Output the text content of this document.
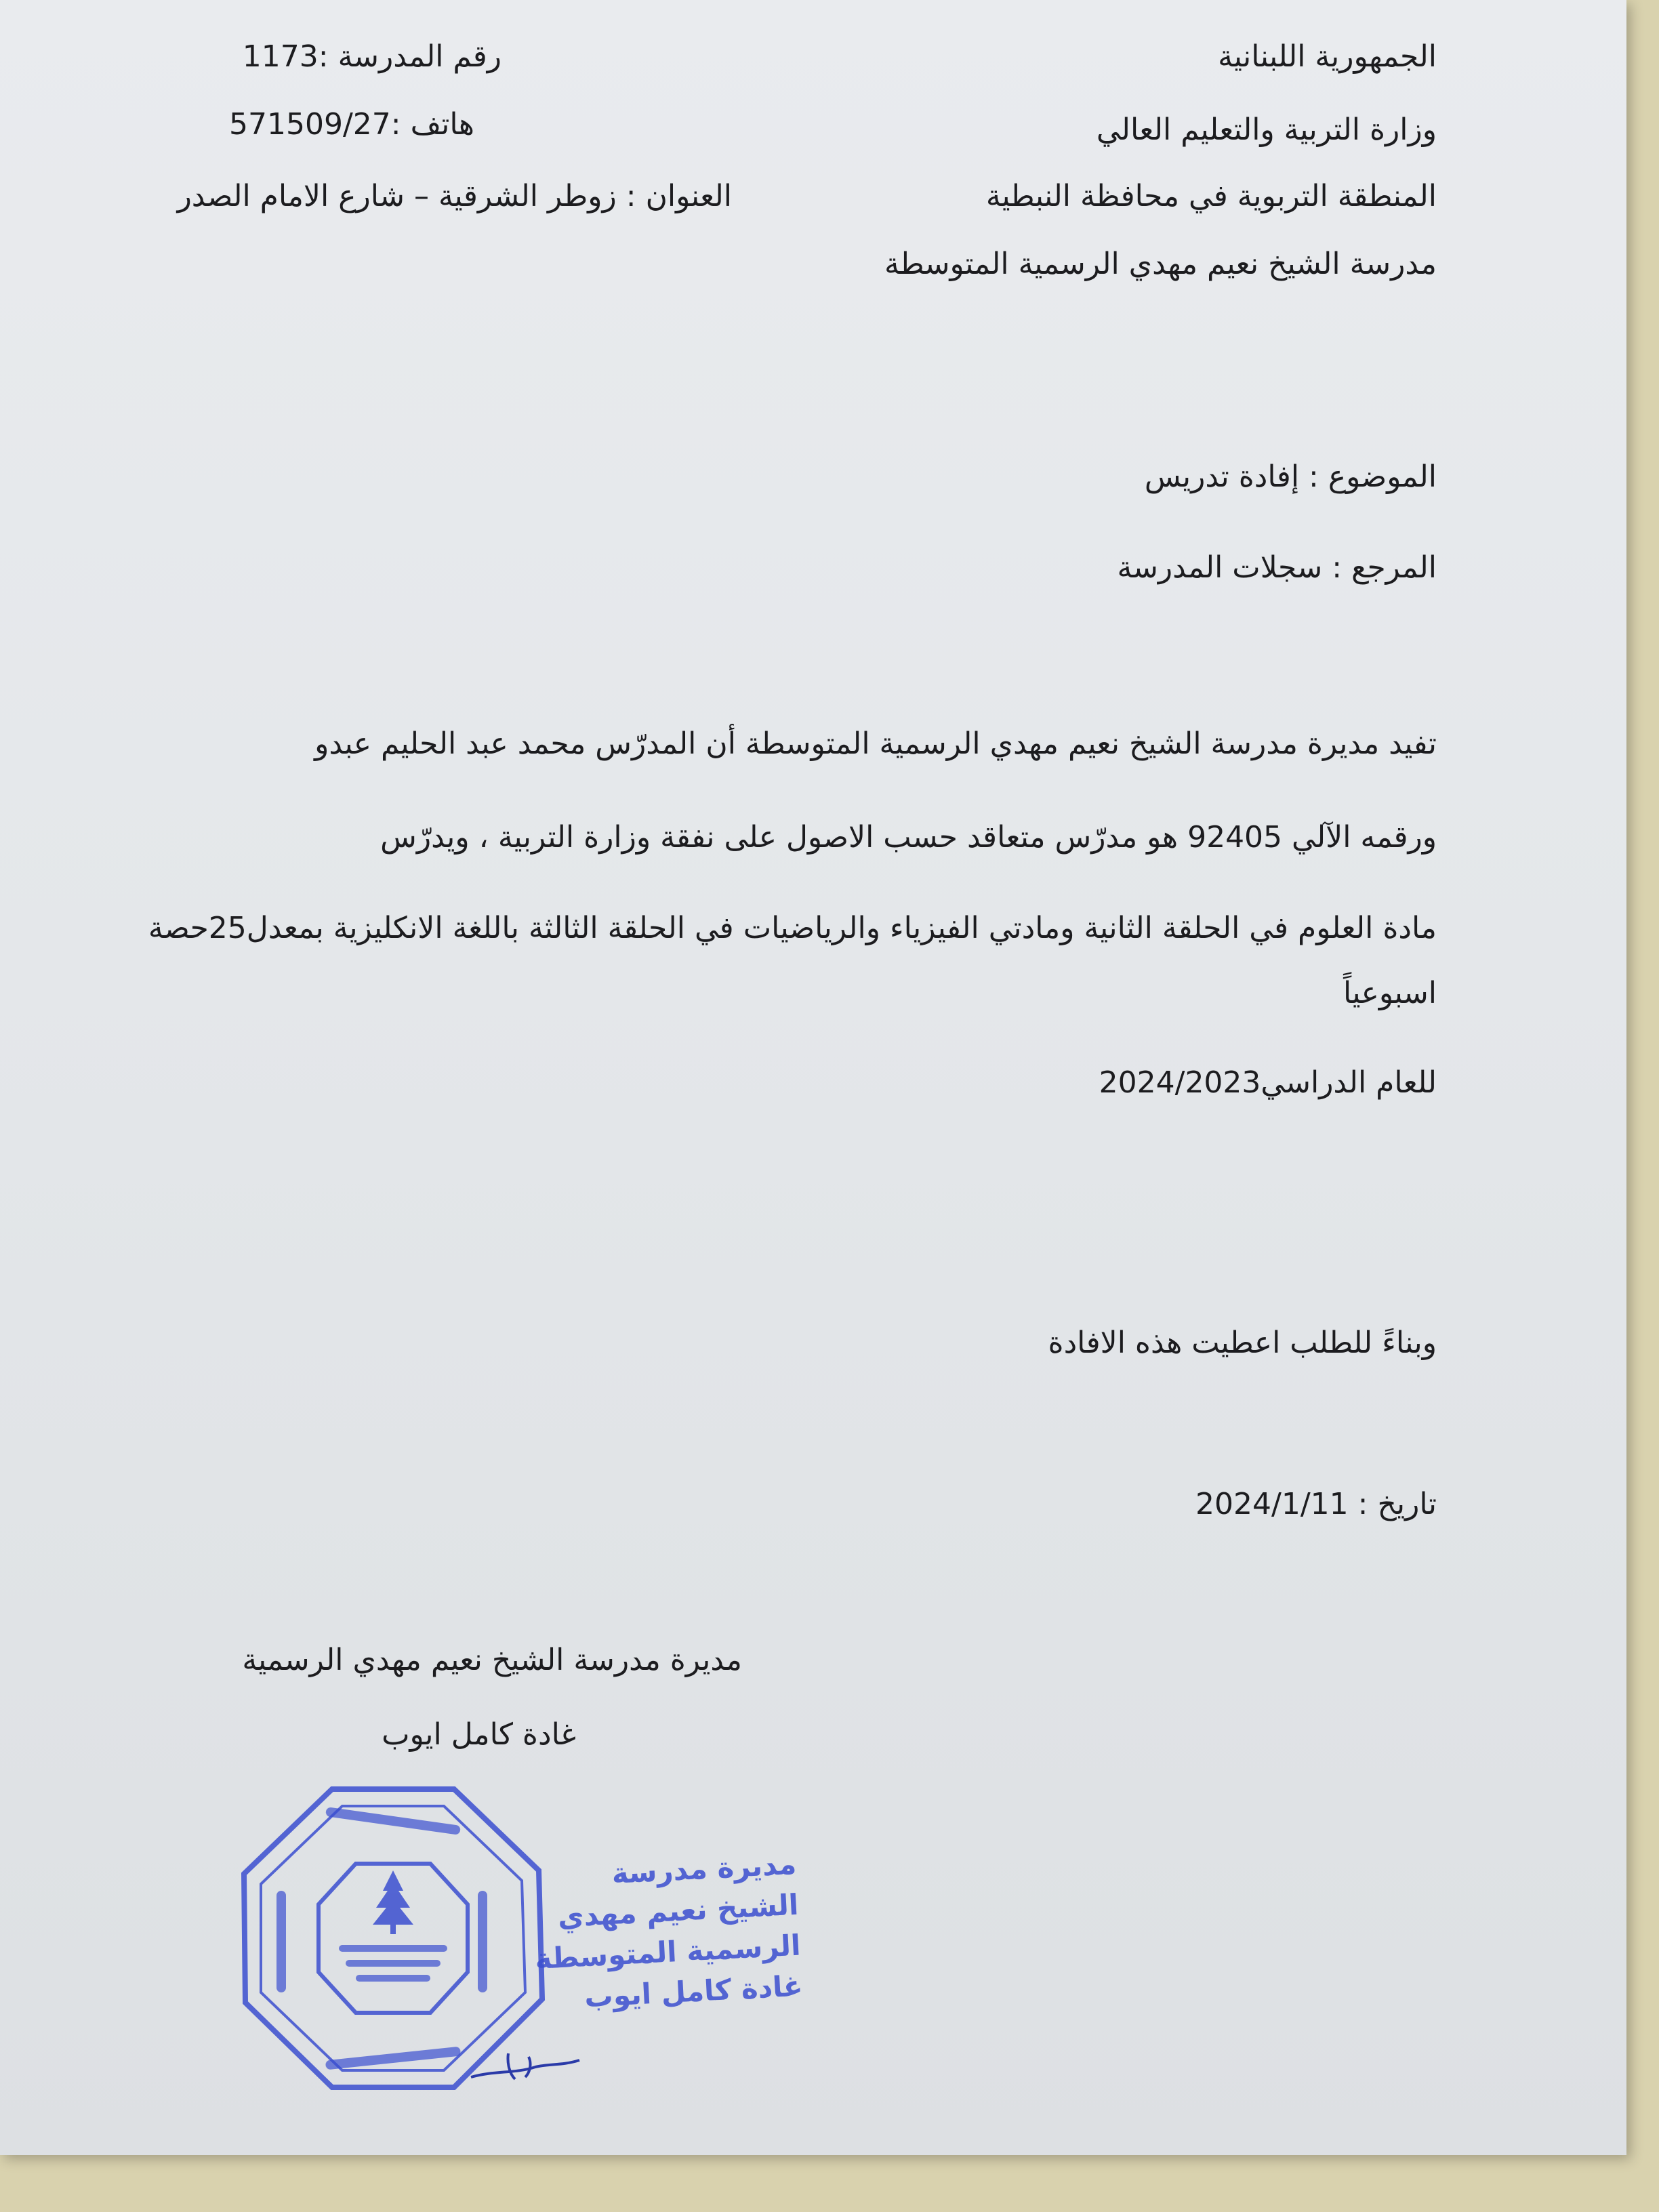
الجمهورية اللبنانية
وزارة التربية والتعليم العالي
المنطقة التربوية في محافظة النبطية
مدرسة الشيخ نعيم مهدي الرسمية المتوسطة
رقم المدرسة :1173
هاتف :571509/27
العنوان : زوطر الشرقية – شارع الامام الصدر
الموضوع : إفادة تدريس
المرجع : سجلات المدرسة
تفيد مديرة مدرسة الشيخ نعيم مهدي الرسمية المتوسطة أن المدرّس محمد عبد الحليم عبدو
ورقمه الآلي 92405 هو مدرّس متعاقد حسب الاصول على نفقة وزارة التربية ، ويدرّس
مادة العلوم في الحلقة الثانية ومادتي الفيزياء والرياضيات في الحلقة الثالثة باللغة الانكليزية بمعدل25حصة
اسبوعياً
للعام الدراسي2024/2023
وبناءً للطلب اعطيت هذه الافادة
تاريخ : 2024/1/11
مديرة مدرسة الشيخ نعيم مهدي الرسمية
غادة كامل ايوب
مديرة مدرسة
الشيخ نعيم مهدي
الرسمية المتوسطة
غادة كامل ايوب
